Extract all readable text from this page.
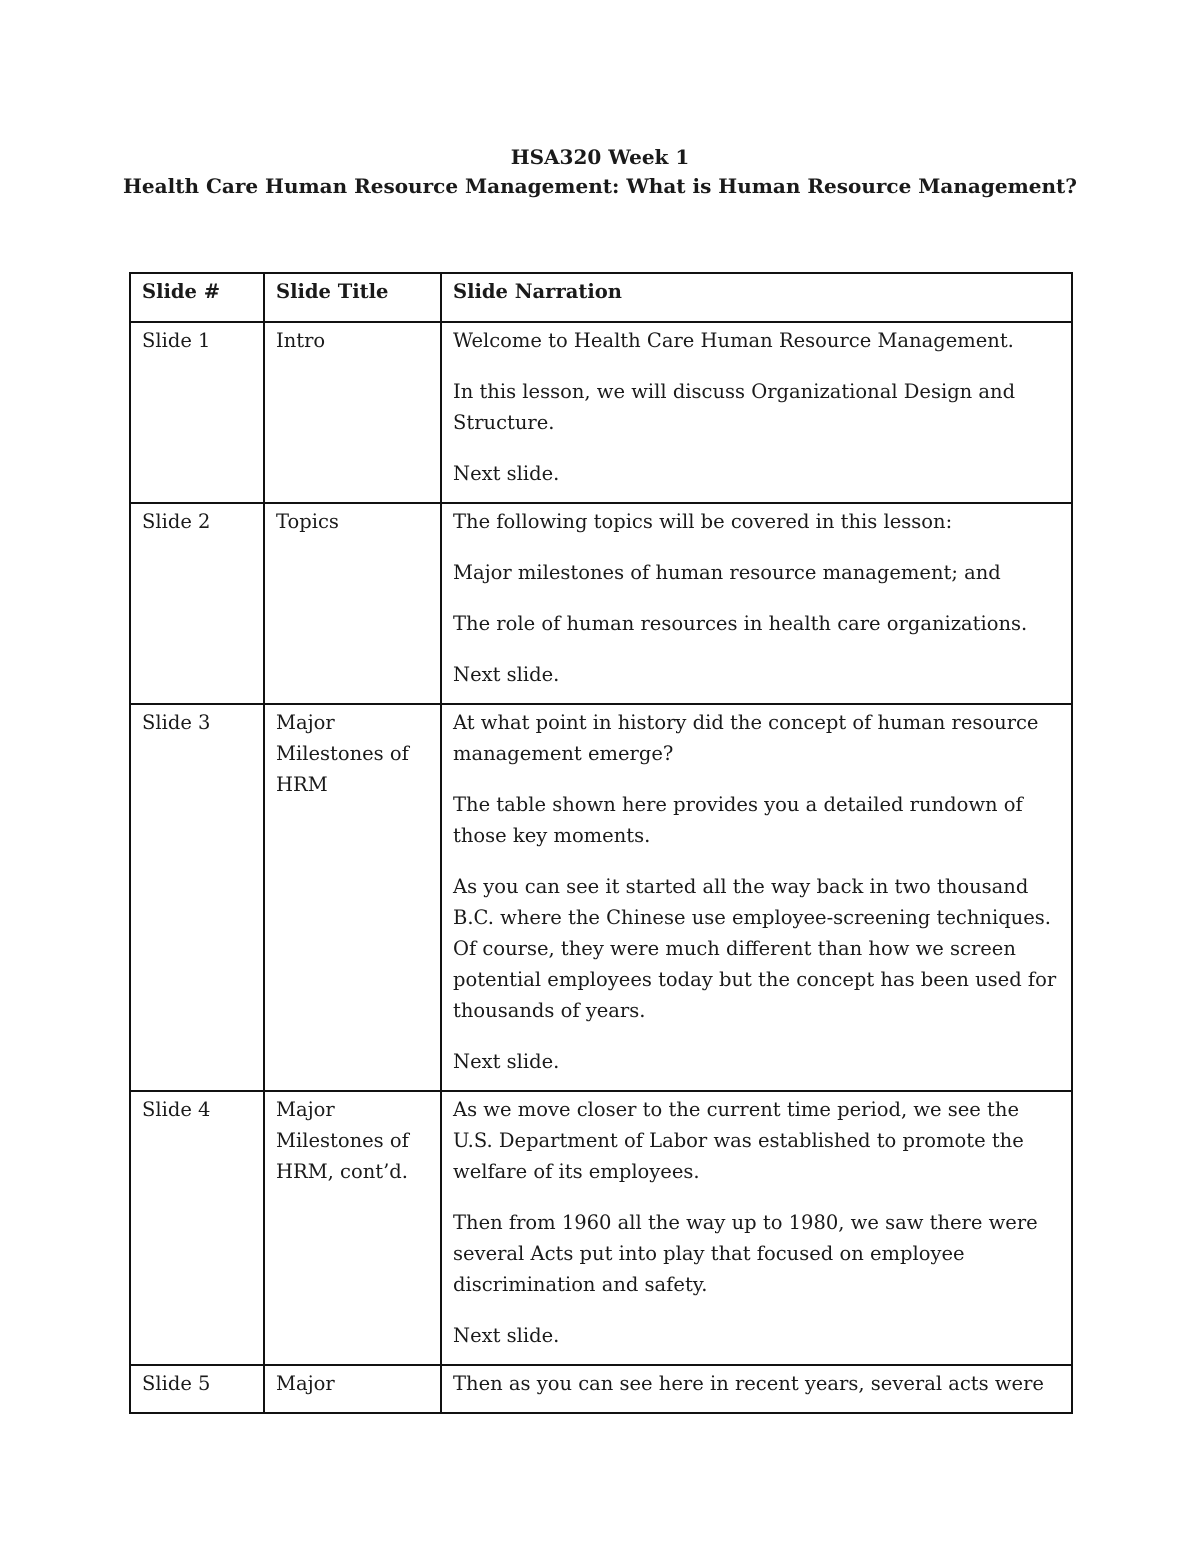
HSA320 Week 1
Health Care Human Resource Management: What is Human Resource Management?
Slide #	Slide Title	Slide Narration
Slide 1	Intro	Welcome to Health Care Human Resource Management.

In this lesson, we will discuss Organizational Design and Structure.

Next slide.

Slide 2	Topics	The following topics will be covered in this lesson:

Major milestones of human resource management; and

The role of human resources in health care organizations.

Next slide.

Slide 3	Major Milestones of HRM	At what point in history did the concept of human resource management emerge?

The table shown here provides you a detailed rundown of those key moments.

As you can see it started all the way back in two thousand B.C. where the Chinese use employee-screening techniques. Of course, they were much different than how we screen potential employees today but the concept has been used for thousands of years.

Next slide.

Slide 4	Major Milestones of HRM, cont’d.	As we move closer to the current time period, we see the U.S. Department of Labor was established to promote the welfare of its employees.

Then from 1960 all the way up to 1980, we saw there were several Acts put into play that focused on employee discrimination and safety.

Next slide.

Slide 5	Major	Then as you can see here in recent years, several acts were
